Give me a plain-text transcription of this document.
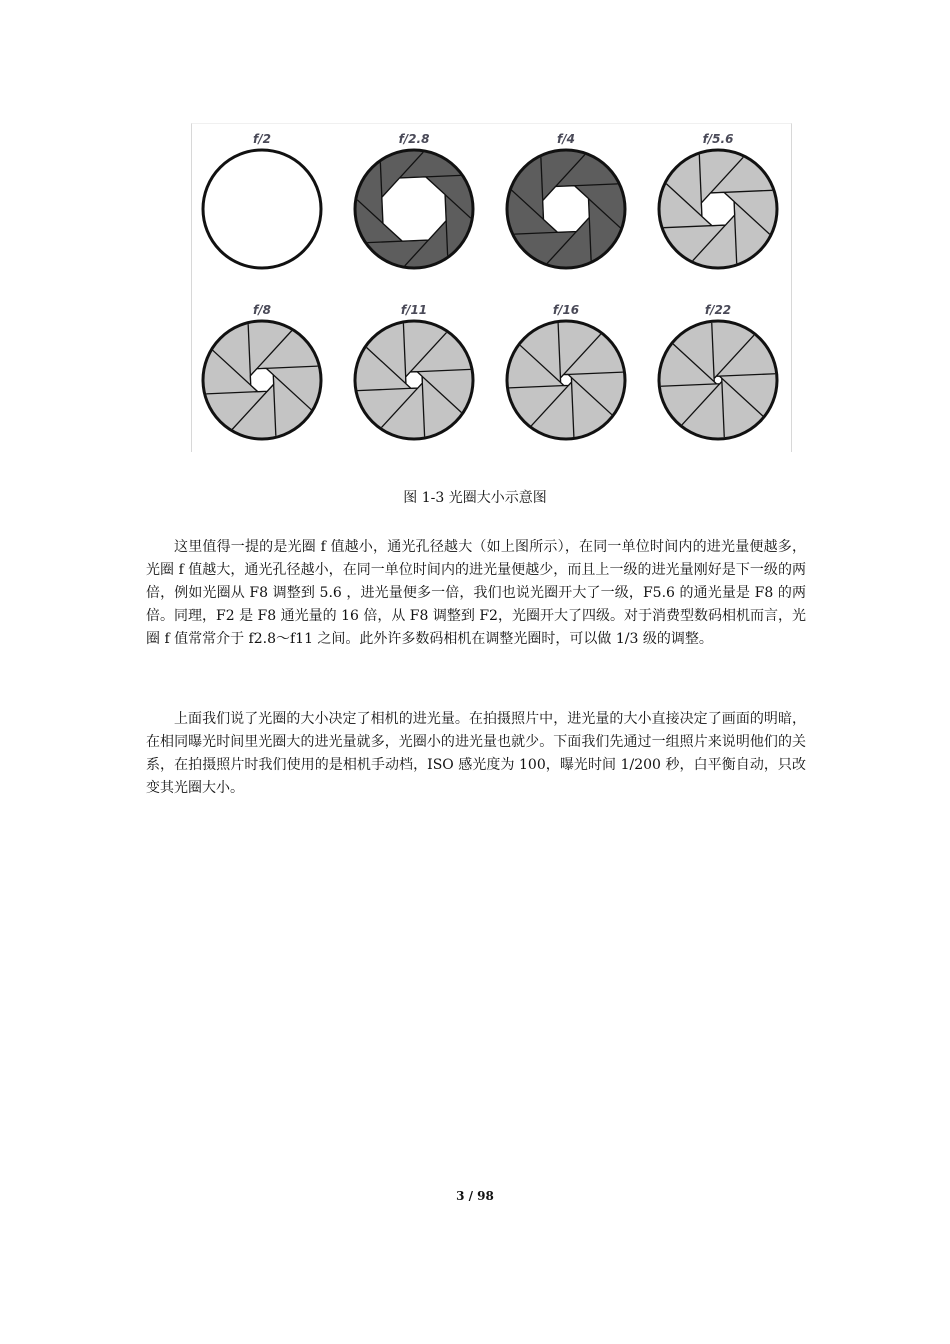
f/2	f/2.8	f/4	f/5.6
f/8	f/11	f/16	f/22
图 1-3 光圈大小示意图

这里值得一提的是光圈 f 值越小，通光孔径越大（如上图所示），在同一单位时间内的进光量便越多，光圈 f 值越大，通光孔径越小，在同一单位时间内的进光量便越少，而且上一级的进光量刚好是下一级的两倍，例如光圈从 F8 调整到 5.6 ，进光量便多一倍，我们也说光圈开大了一级，F5.6 的通光量是 F8 的两倍。同理，F2 是 F8 通光量的 16 倍，从 F8 调整到 F2，光圈开大了四级。对于消费型数码相机而言，光圈 f 值常常介于 f2.8～f11 之间。此外许多数码相机在调整光圈时，可以做 1/3 级的调整。

上面我们说了光圈的大小决定了相机的进光量。在拍摄照片中，进光量的大小直接决定了画面的明暗，在相同曝光时间里光圈大的进光量就多，光圈小的进光量也就少。下面我们先通过一组照片来说明他们的关系，在拍摄照片时我们使用的是相机手动档，ISO 感光度为 100，曝光时间 1/200 秒，白平衡自动，只改变其光圈大小。

3 / 98
